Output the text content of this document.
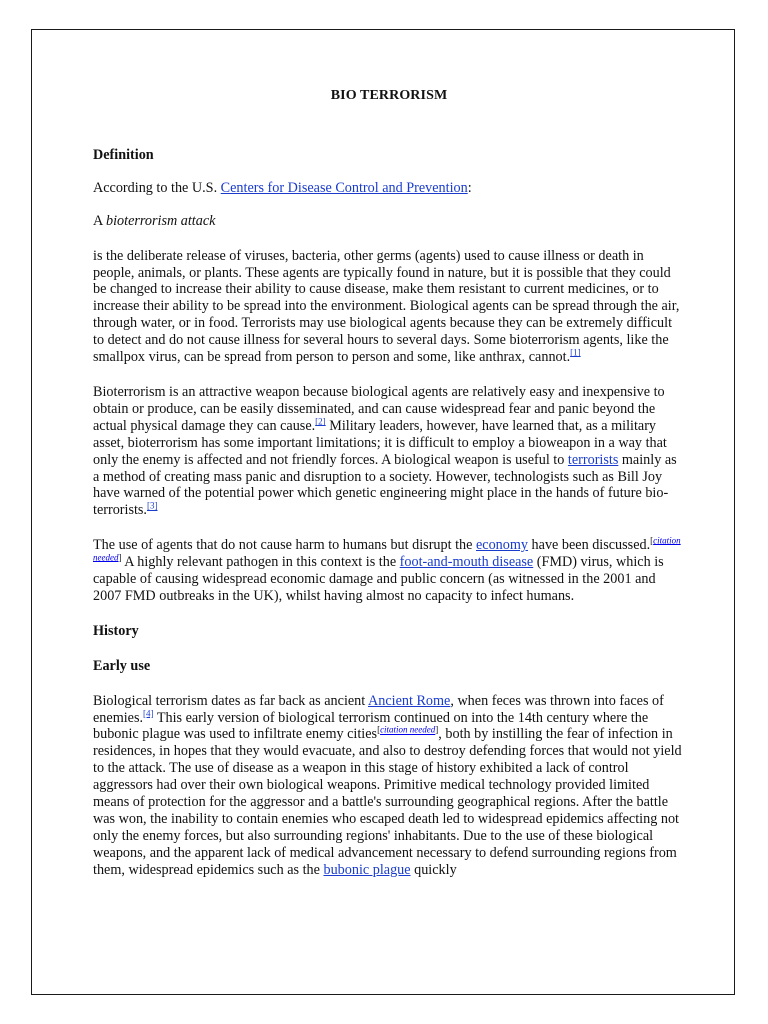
BIO TERRORISM

Definition

According to the U.S. Centers for Disease Control and Prevention:

A bioterrorism attack

is the deliberate release of viruses, bacteria, other germs (agents) used to cause illness or death in people, animals, or plants. These agents are typically found in nature, but it is possible that they could be changed to increase their ability to cause disease, make them resistant to current medicines, or to increase their ability to be spread into the environment. Biological agents can be spread through the air, through water, or in food. Terrorists may use biological agents because they can be extremely difficult to detect and do not cause illness for several hours to several days. Some bioterrorism agents, like the smallpox virus, can be spread from person to person and some, like anthrax, cannot.[1]

Bioterrorism is an attractive weapon because biological agents are relatively easy and inexpensive to obtain or produce, can be easily disseminated, and can cause widespread fear and panic beyond the actual physical damage they can cause.[2] Military leaders, however, have learned that, as a military asset, bioterrorism has some important limitations; it is difficult to employ a bioweapon in a way that only the enemy is affected and not friendly forces. A biological weapon is useful to terrorists mainly as a method of creating mass panic and disruption to a society. However, technologists such as Bill Joy have warned of the potential power which genetic engineering might place in the hands of future bio-terrorists.[3]

The use of agents that do not cause harm to humans but disrupt the economy have been discussed.[citation needed] A highly relevant pathogen in this context is the foot-and-mouth disease (FMD) virus, which is capable of causing widespread economic damage and public concern (as witnessed in the 2001 and 2007 FMD outbreaks in the UK), whilst having almost no capacity to infect humans.

History

Early use

Biological terrorism dates as far back as ancient Ancient Rome, when feces was thrown into faces of enemies.[4] This early version of biological terrorism continued on into the 14th century where the bubonic plague was used to infiltrate enemy cities[citation needed], both by instilling the fear of infection in residences, in hopes that they would evacuate, and also to destroy defending forces that would not yield to the attack. The use of disease as a weapon in this stage of history exhibited a lack of control aggressors had over their own biological weapons. Primitive medical technology provided limited means of protection for the aggressor and a battle's surrounding geographical regions. After the battle was won, the inability to contain enemies who escaped death led to widespread epidemics affecting not only the enemy forces, but also surrounding regions' inhabitants. Due to the use of these biological weapons, and the apparent lack of medical advancement necessary to defend surrounding regions from them, widespread epidemics such as the bubonic plague quickly
